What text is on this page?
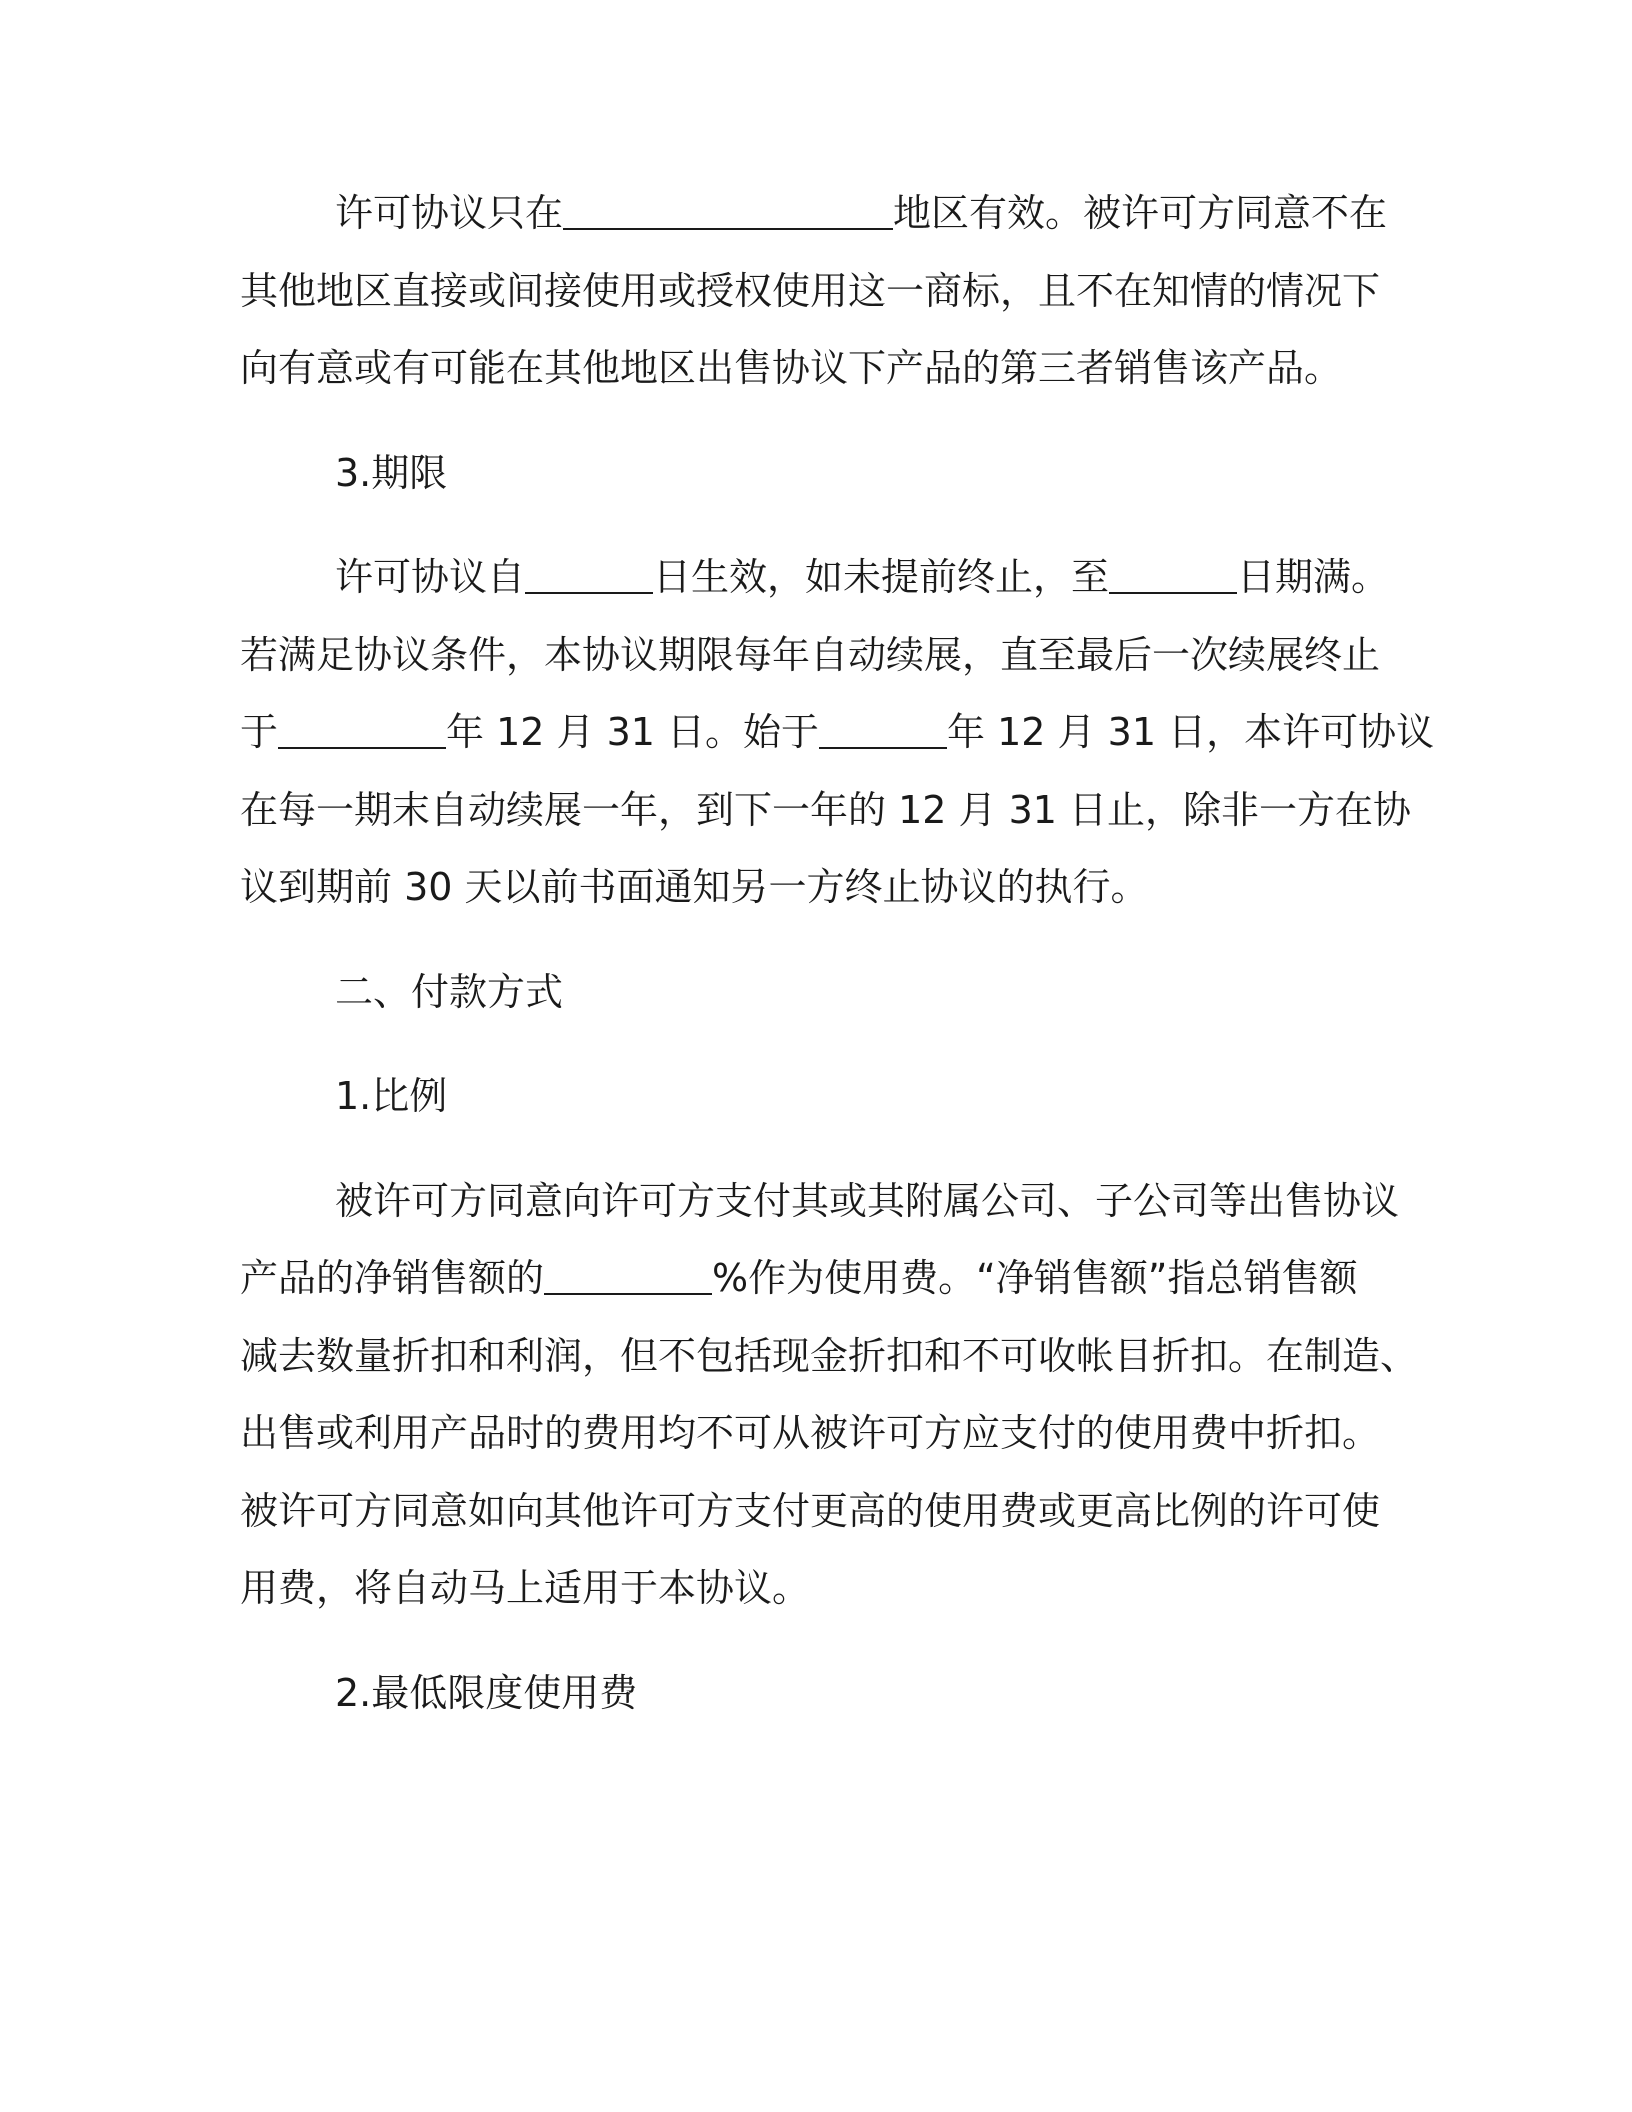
许可协议只在	地区有效。被许可方同意不在
其他地区直接或间接使用或授权使用这一商标，且不在知情的情况下
向有意或有可能在其他地区出售协议下产品的第三者销售该产品。
3.期限
许可协议自	日生效，如未提前终止，至	日期满。
若满足协议条件，本协议期限每年自动续展，直至最后一次续展终止
于	年 12 月 31 日。始于	年 12 月 31 日，本许可协议
在每一期末自动续展一年，到下一年的 12 月 31 日止，除非一方在协
议到期前 30 天以前书面通知另一方终止协议的执行。
二、付款方式
1.比例
被许可方同意向许可方支付其或其附属公司、子公司等出售协议
产品的净销售额的	%作为使用费。“净销售额”指总销售额
减去数量折扣和利润，但不包括现金折扣和不可收帐目折扣。在制造、
出售或利用产品时的费用均不可从被许可方应支付的使用费中折扣。
被许可方同意如向其他许可方支付更高的使用费或更高比例的许可使
用费，将自动马上适用于本协议。
2.最低限度使用费
